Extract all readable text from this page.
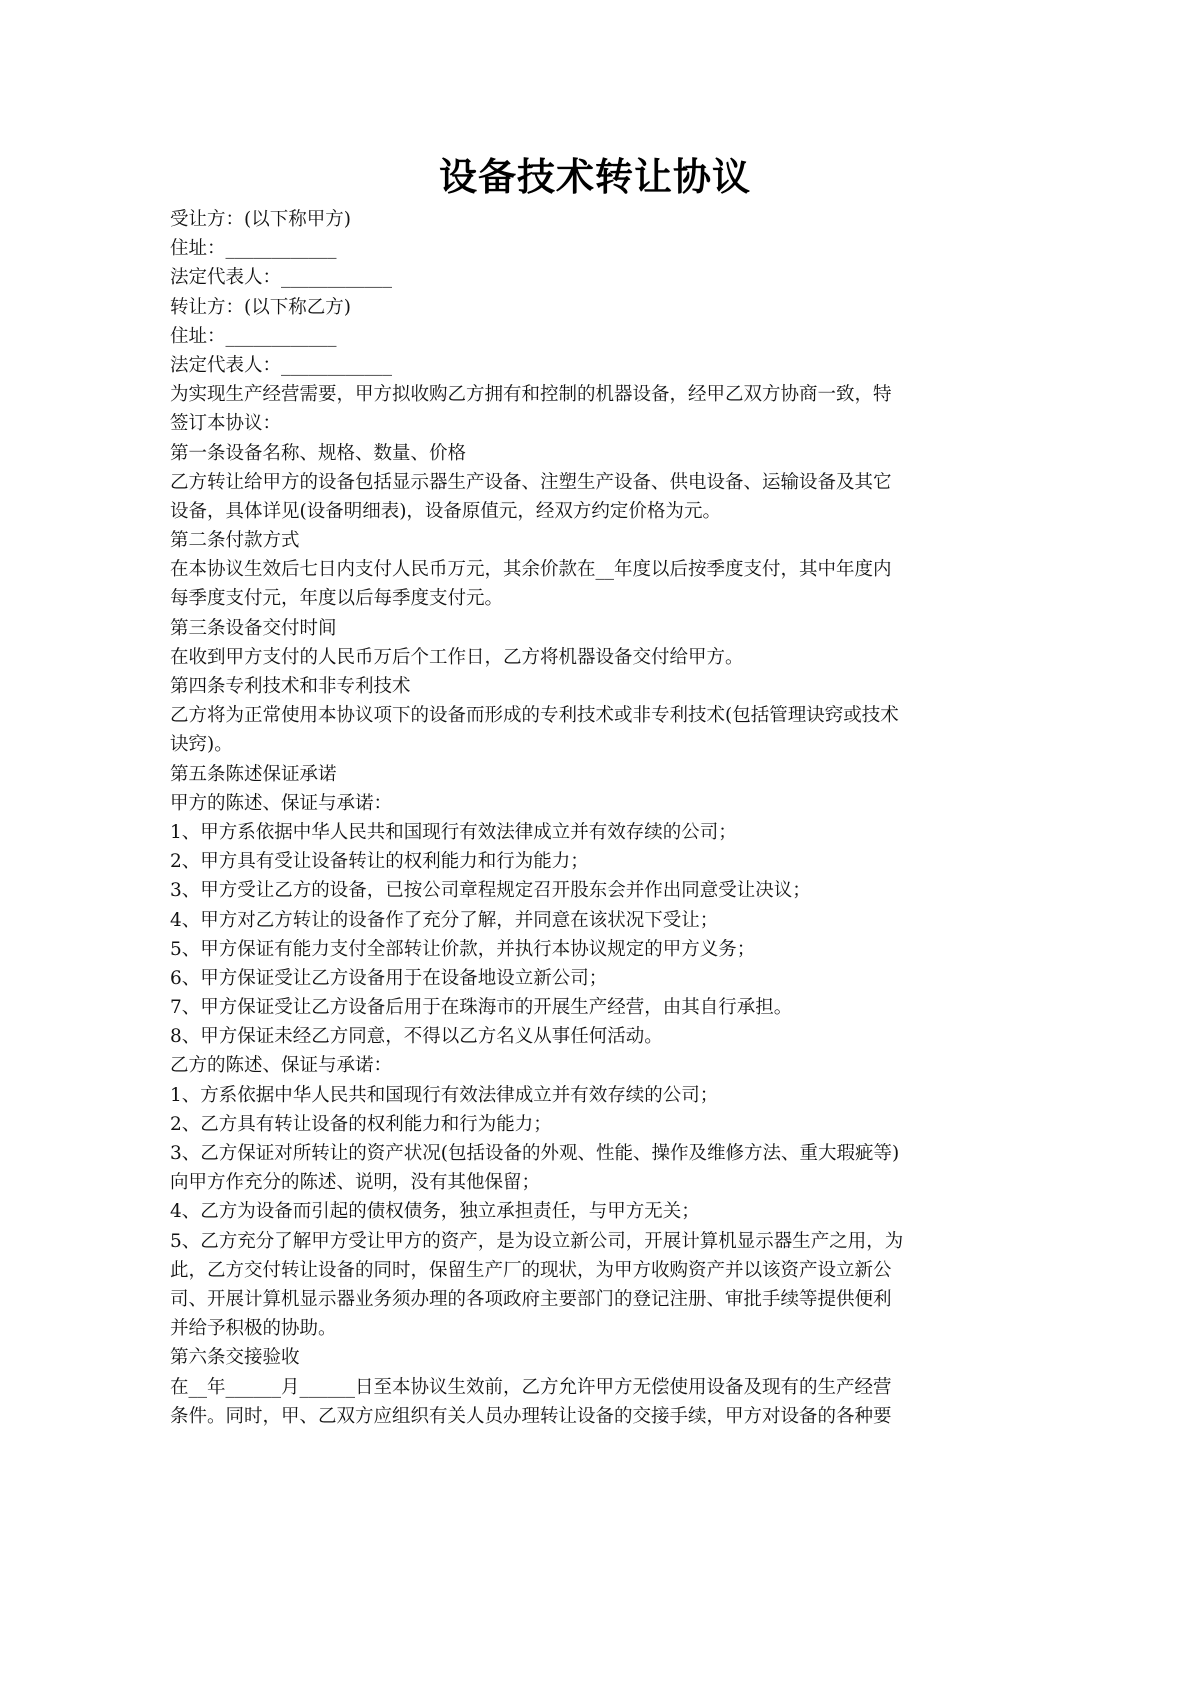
设备技术转让协议
受让方：(以下称甲方)
住址：____________
法定代表人：____________
转让方：(以下称乙方)
住址：____________
法定代表人：____________
为实现生产经营需要，甲方拟收购乙方拥有和控制的机器设备，经甲乙双方协商一致，特
签订本协议：
第一条设备名称、规格、数量、价格
乙方转让给甲方的设备包括显示器生产设备、注塑生产设备、供电设备、运输设备及其它
设备，具体详见(设备明细表)，设备原值元，经双方约定价格为元。
第二条付款方式
在本协议生效后七日内支付人民币万元，其余价款在__年度以后按季度支付，其中年度内
每季度支付元，年度以后每季度支付元。
第三条设备交付时间
在收到甲方支付的人民币万后个工作日，乙方将机器设备交付给甲方。
第四条专利技术和非专利技术
乙方将为正常使用本协议项下的设备而形成的专利技术或非专利技术(包括管理诀窍或技术
诀窍)。
第五条陈述保证承诺
甲方的陈述、保证与承诺：
1、甲方系依据中华人民共和国现行有效法律成立并有效存续的公司；
2、甲方具有受让设备转让的权利能力和行为能力；
3、甲方受让乙方的设备，已按公司章程规定召开股东会并作出同意受让决议；
4、甲方对乙方转让的设备作了充分了解，并同意在该状况下受让；
5、甲方保证有能力支付全部转让价款，并执行本协议规定的甲方义务；
6、甲方保证受让乙方设备用于在设备地设立新公司；
7、甲方保证受让乙方设备后用于在珠海市的开展生产经营，由其自行承担。
8、甲方保证未经乙方同意，不得以乙方名义从事任何活动。
乙方的陈述、保证与承诺：
1、方系依据中华人民共和国现行有效法律成立并有效存续的公司；
2、乙方具有转让设备的权利能力和行为能力；
3、乙方保证对所转让的资产状况(包括设备的外观、性能、操作及维修方法、重大瑕疵等)
向甲方作充分的陈述、说明，没有其他保留；
4、乙方为设备而引起的债权债务，独立承担责任，与甲方无关；
5、乙方充分了解甲方受让甲方的资产，是为设立新公司，开展计算机显示器生产之用，为
此，乙方交付转让设备的同时，保留生产厂的现状，为甲方收购资产并以该资产设立新公
司、开展计算机显示器业务须办理的各项政府主要部门的登记注册、审批手续等提供便利
并给予积极的协助。
第六条交接验收
在__年______月______日至本协议生效前，乙方允许甲方无偿使用设备及现有的生产经营
条件。同时，甲、乙双方应组织有关人员办理转让设备的交接手续，甲方对设备的各种要
